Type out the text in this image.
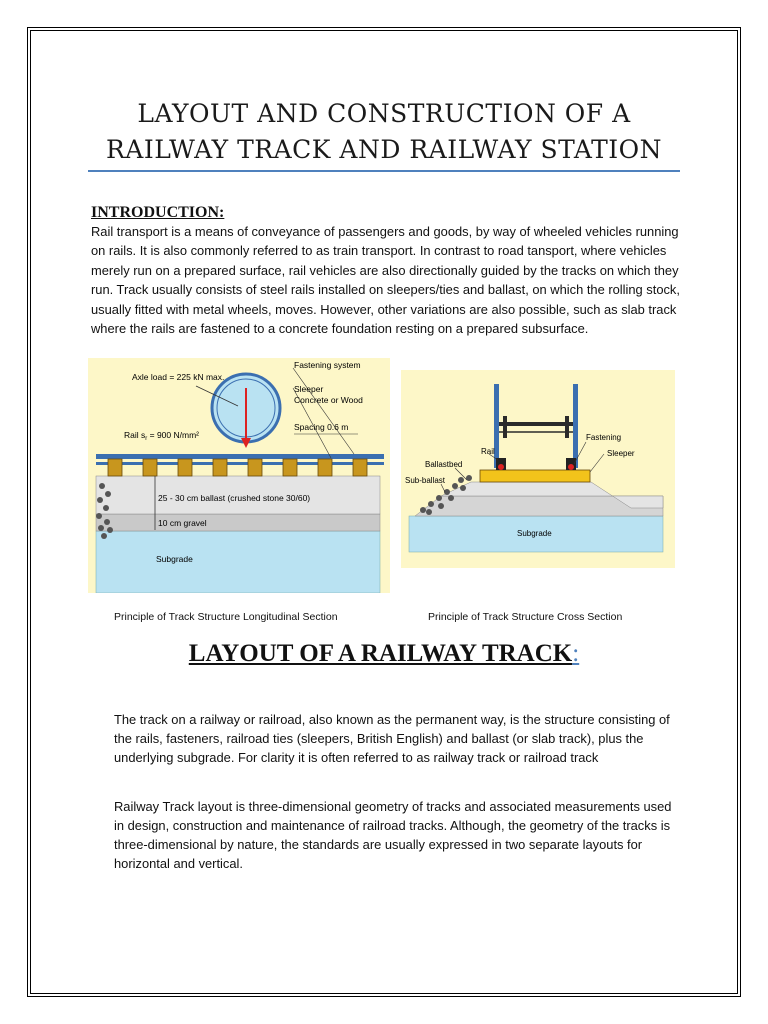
LAYOUT AND CONSTRUCTION OF A
RAILWAY TRACK AND RAILWAY STATION
INTRODUCTION:
Rail transport is a means of conveyance of passengers and goods, by way of wheeled vehicles running on rails. It is also commonly referred to as train transport. In contrast to road tansport, where vehicles merely run on a prepared surface, rail vehicles are also directionally guided by the tracks on which they run. Track usually consists of steel rails installed on sleepers/ties and ballast, on which the rolling stock, usually fitted with metal wheels, moves. However, other variations are also possible, such as slab track where the rails are fastened to a concrete foundation resting on a prepared subsurface.
Axle load = 225 kN max.
Rail $s_r = 900$ N/mm²
Fastening system
Sleeper
Concrete or Wood
Spacing 0.6 m
25 - 30 cm ballast (crushed stone 30/60)
10 cm gravel
Subgrade
Rail
Fastening
Sleeper
Ballastbed
Sub-ballast
Subgrade
Principle of Track Structure Longitudinal Section	Principle of Track Structure Cross Section
LAYOUT OF A RAILWAY TRACK:
The track on a railway or railroad, also known as the permanent way, is the structure consisting of the rails, fasteners, railroad ties (sleepers, British English) and ballast (or slab track), plus the underlying subgrade. For clarity it is often referred to as railway track or railroad track
Railway Track layout is three-dimensional geometry of tracks and associated measurements used in design, construction and maintenance of railroad tracks. Although, the geometry of the tracks is three-dimensional by nature, the standards are usually expressed in two separate layouts for horizontal and vertical.
